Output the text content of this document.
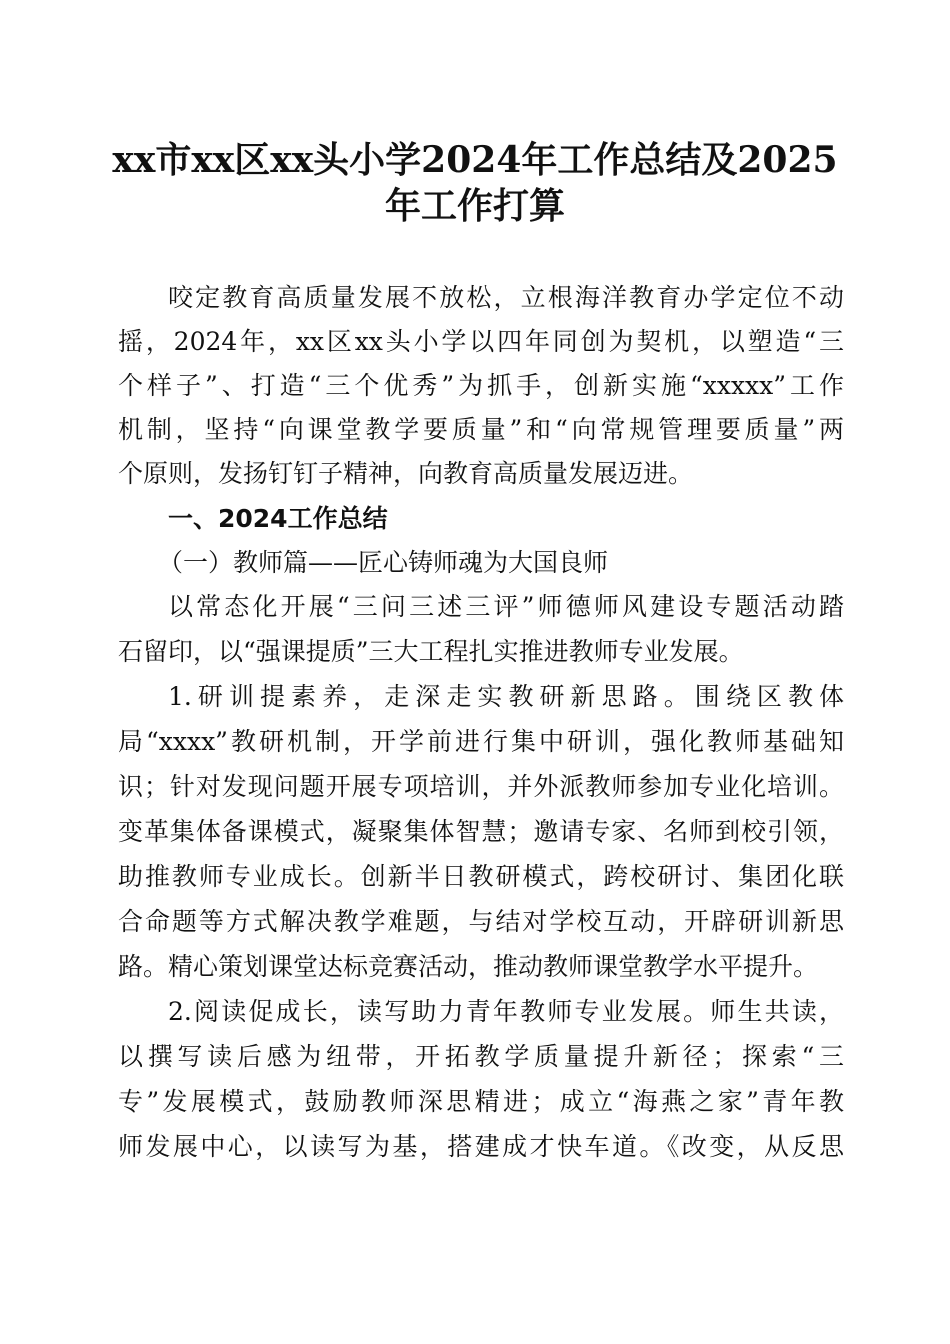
xx市xx区xx头小学2024年工作总结及2025
年工作打算
咬定教育高质量发展不放松，立根海洋教育办学定位不动
摇，2024年，xx区xx头小学以四年同创为契机，以塑造“三
个样子”、打造“三个优秀”为抓手，创新实施“xxxxx”工作
机制，坚持“向课堂教学要质量”和“向常规管理要质量”两
个原则，发扬钉钉子精神，向教育高质量发展迈进。
一、2024工作总结
（一）教师篇——匠心铸师魂为大国良师
以常态化开展“三问三述三评”师德师风建设专题活动踏
石留印，以“强课提质”三大工程扎实推进教师专业发展。
1.研训提素养，走深走实教研新思路。围绕区教体
局“xxxx”教研机制，开学前进行集中研训，强化教师基础知
识；针对发现问题开展专项培训，并外派教师参加专业化培训。
变革集体备课模式，凝聚集体智慧；邀请专家、名师到校引领，
助推教师专业成长。创新半日教研模式，跨校研讨、集团化联
合命题等方式解决教学难题，与结对学校互动，开辟研训新思
路。精心策划课堂达标竞赛活动，推动教师课堂教学水平提升。
2.阅读促成长，读写助力青年教师专业发展。师生共读，
以撰写读后感为纽带，开拓教学质量提升新径；探索“三
专”发展模式，鼓励教师深思精进；成立“海燕之家”青年教
师发展中心，以读写为基，搭建成才快车道。《改变，从反思
